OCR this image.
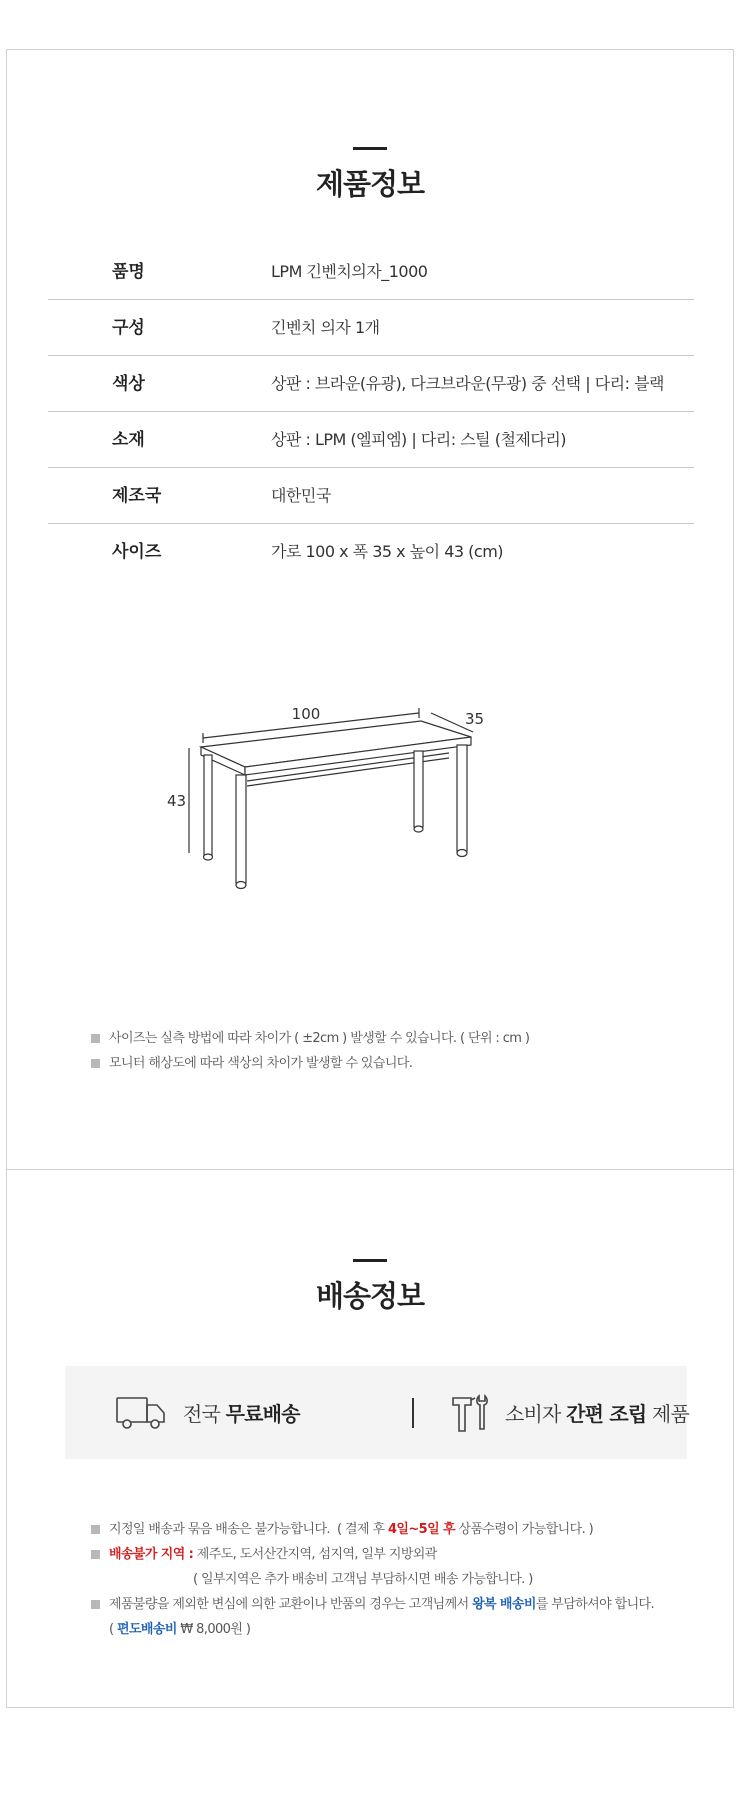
제품정보
품명	LPM 긴벤치의자_1000
구성	긴벤치 의자 1개
색상	상판 : 브라운(유광), 다크브라운(무광) 중 선택 | 다리: 블랙
소재	상판 : LPM (엘피엠) | 다리: 스틸 (철제다리)
제조국	대한민국
사이즈	가로 100 x 폭 35 x 높이 43 (cm)
100	35
43
사이즈는 실측 방법에 따라 차이가 ( ±2cm ) 발생할 수 있습니다. ( 단위 : cm )
모니터 해상도에 따라 색상의 차이가 발생할 수 있습니다.
배송정보
전국 무료배송	소비자 간편 조립 제품
지정일 배송과 묶음 배송은 불가능합니다.  ( 결제 후 4일~5일 후 상품수령이 가능합니다. )
배송불가 지역 : 제주도, 도서산간지역, 섬지역, 일부 지방외곽
( 일부지역은 추가 배송비 고객님 부담하시면 배송 가능합니다. )
제품불량을 제외한 변심에 의한 교환이나 반품의 경우는 고객님께서 왕복 배송비를 부담하셔야 합니다.
( 편도배송비 ₩ 8,000원 )
